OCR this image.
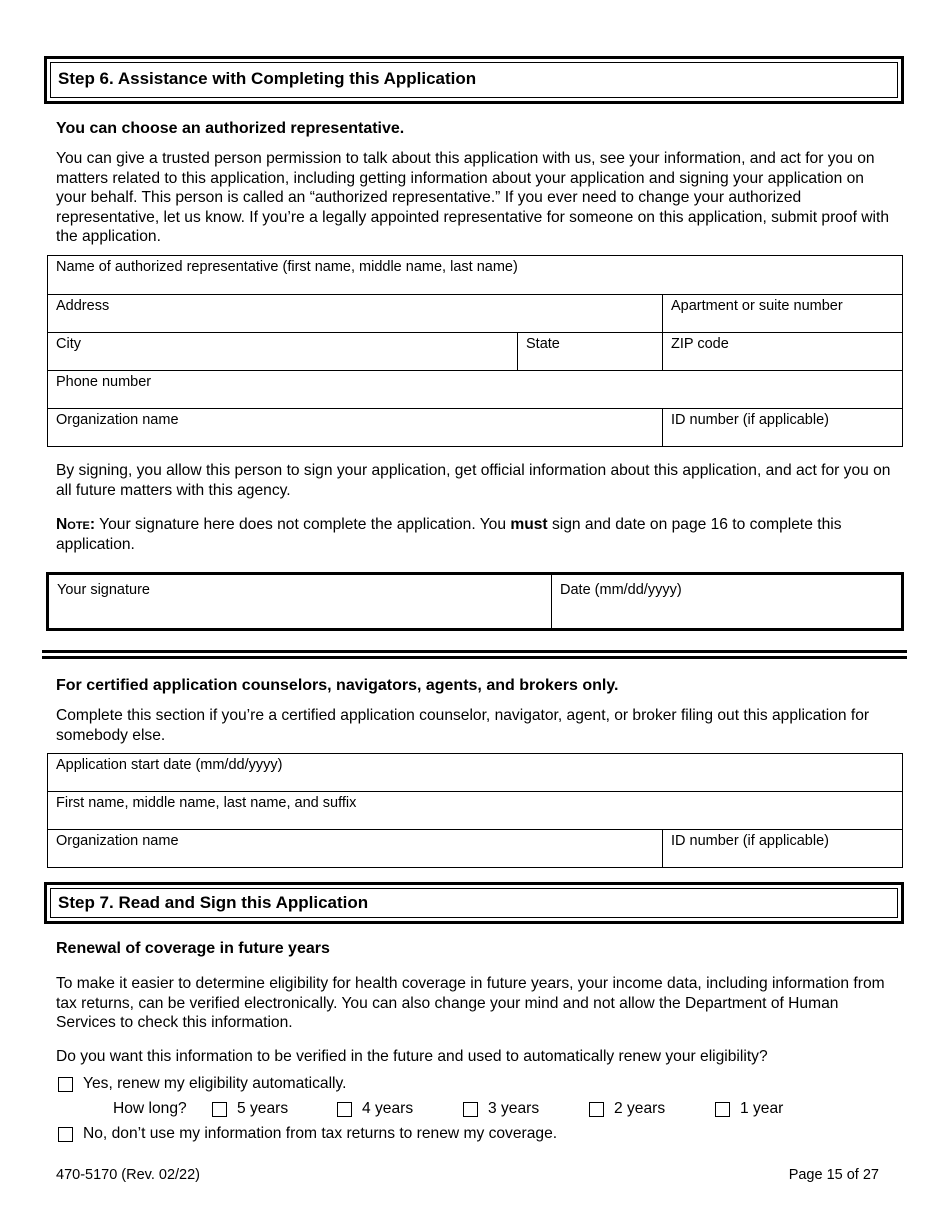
Step 6. Assistance with Completing this Application
You can choose an authorized representative.
You can give a trusted person permission to talk about this application with us, see your information, and act for you on matters related to this application, including getting information about your application and signing your application on your behalf. This person is called an “authorized representative.” If you ever need to change your authorized representative, let us know. If you’re a legally appointed representative for someone on this application, submit proof with the application.
Name of authorized representative (first name, middle name, last name)		
Address		Apartment or suite number
City	State	ZIP code
Phone number		
Organization name		ID number (if applicable)
By signing, you allow this person to sign your application, get official information about this application, and act for you on all future matters with this agency.
Note: Your signature here does not complete the application. You must sign and date on page 16 to complete this application.
Your signature	Date (mm/dd/yyyy)
For certified application counselors, navigators, agents, and brokers only.
Complete this section if you’re a certified application counselor, navigator, agent, or broker filing out this application for somebody else.
Application start date (mm/dd/yyyy)
First name, middle name, last name, and suffix
Organization name	ID number (if applicable)
Step 7. Read and Sign this Application
Renewal of coverage in future years
To make it easier to determine eligibility for health coverage in future years, your income data, including information from tax returns, can be verified electronically. You can also change your mind and not allow the Department of Human Services to check this information.
Do you want this information to be verified in the future and used to automatically renew your eligibility?
Yes, renew my eligibility automatically.
How long?	5 years	4 years	3 years	2 years	1 year
No, don’t use my information from tax returns to renew my coverage.
470-5170 (Rev. 02/22)	Page 15 of 27
